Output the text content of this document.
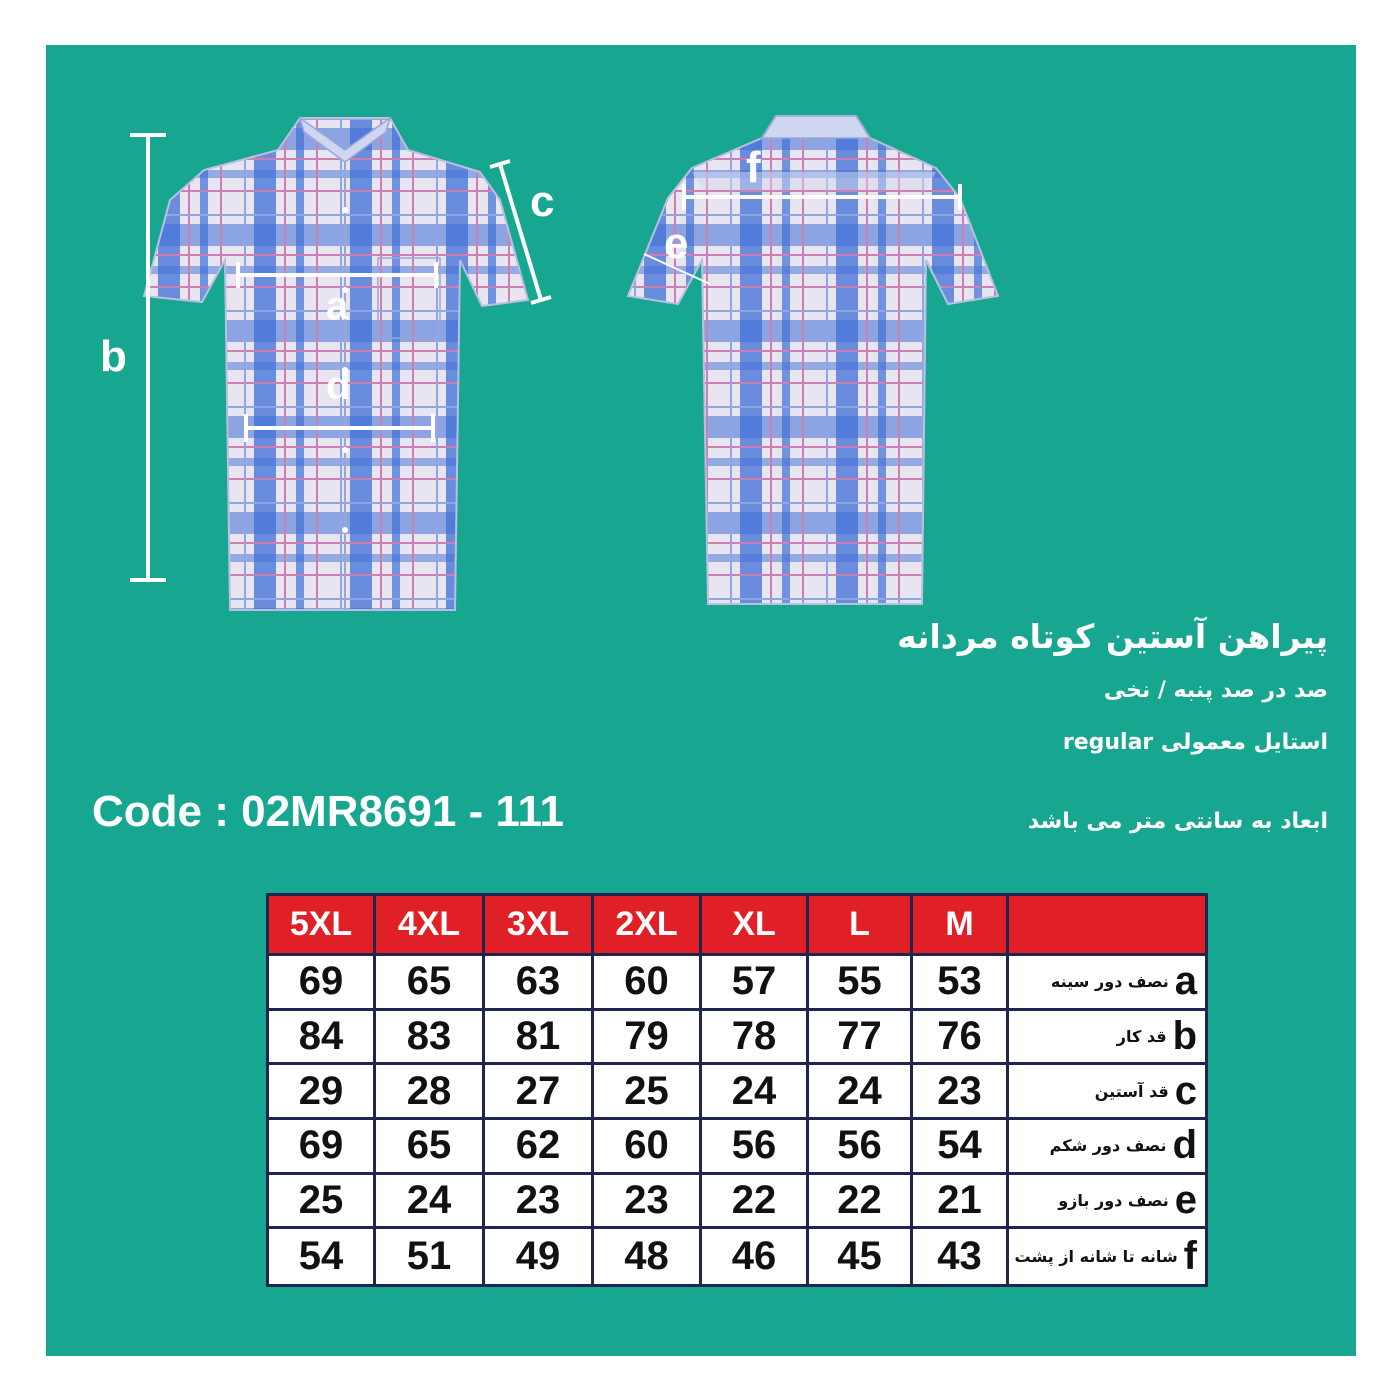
b
a
d
c
f
e
پیراهن آستین کوتاه مردانه
صد در صد پنبه / نخی
استایل معمولی regular
ابعاد به سانتی متر می باشد
Code : 02MR8691 - 111
5XL	4XL	3XL	2XL	XL	L	M
69	65	63	60	57	55	53	نصف دور سینه a
84	83	81	79	78	77	76	قد کار b
29	28	27	25	24	24	23	قد آستین c
69	65	62	60	56	56	54	نصف دور شکم d
25	24	23	23	22	22	21	نصف دور بازو e
54	51	49	48	46	45	43	شانه تا شانه از پشت f
